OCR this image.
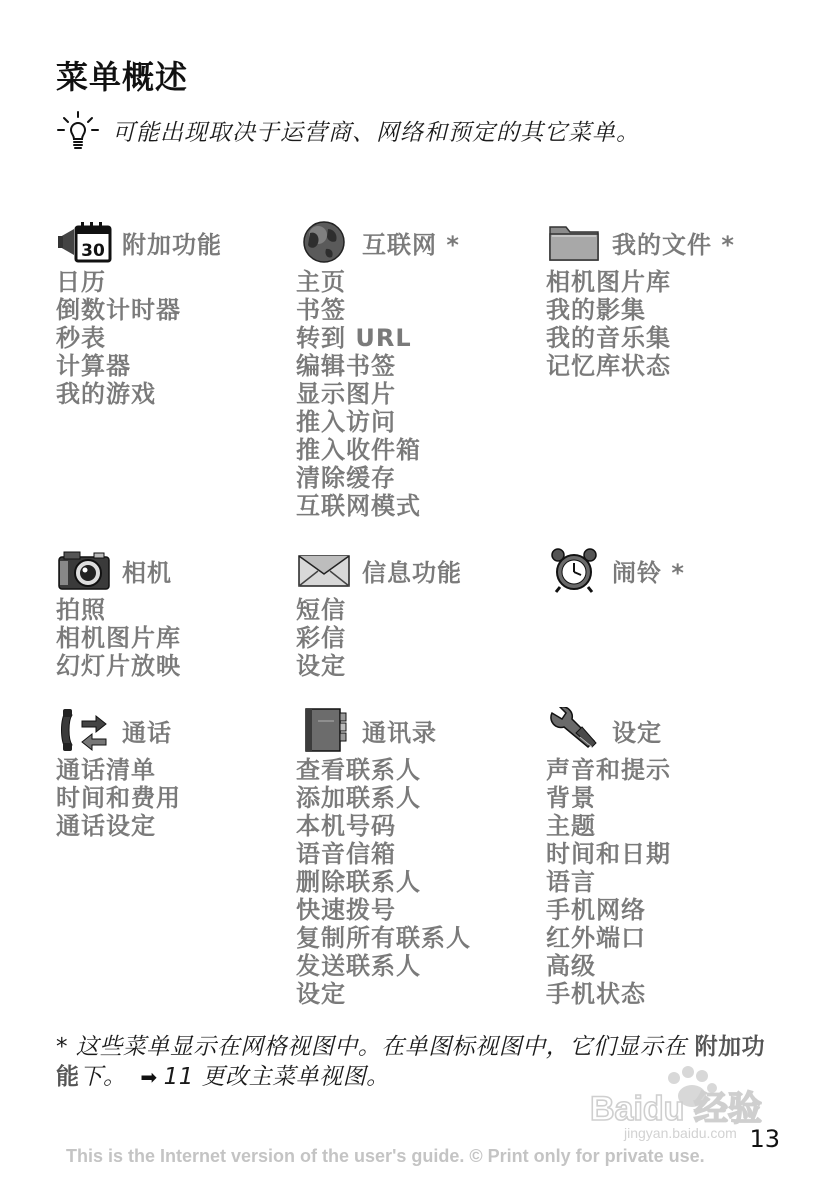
菜单概述
可能出现取决于运营商、网络和预定的其它菜单。
30 附加功能
日历
倒数计时器
秒表
计算器
我的游戏
互联网 *
主页
书签
转到 URL
编辑书签
显示图片
推入访问
推入收件箱
清除缓存
互联网模式
我的文件 *
相机图片库
我的影集
我的音乐集
记忆库状态
相机
拍照
相机图片库
幻灯片放映
信息功能
短信
彩信
设定
闹铃 *
通话
通话清单
时间和费用
通话设定
通讯录
查看联系人
添加联系人
本机号码
语音信箱
删除联系人
快速拨号
复制所有联系人
发送联系人
设定
设定
声音和提示
背景
主题
时间和日期
语言
手机网络
红外端口
高级
手机状态
* 这些菜单显示在网格视图中。在单图标视图中，它们显示在 附加功能下。 ➡ 11 更改主菜单视图。
Baidu 经验
jingyan.baidu.com 13
This is the Internet version of the user's guide. © Print only for private use.
